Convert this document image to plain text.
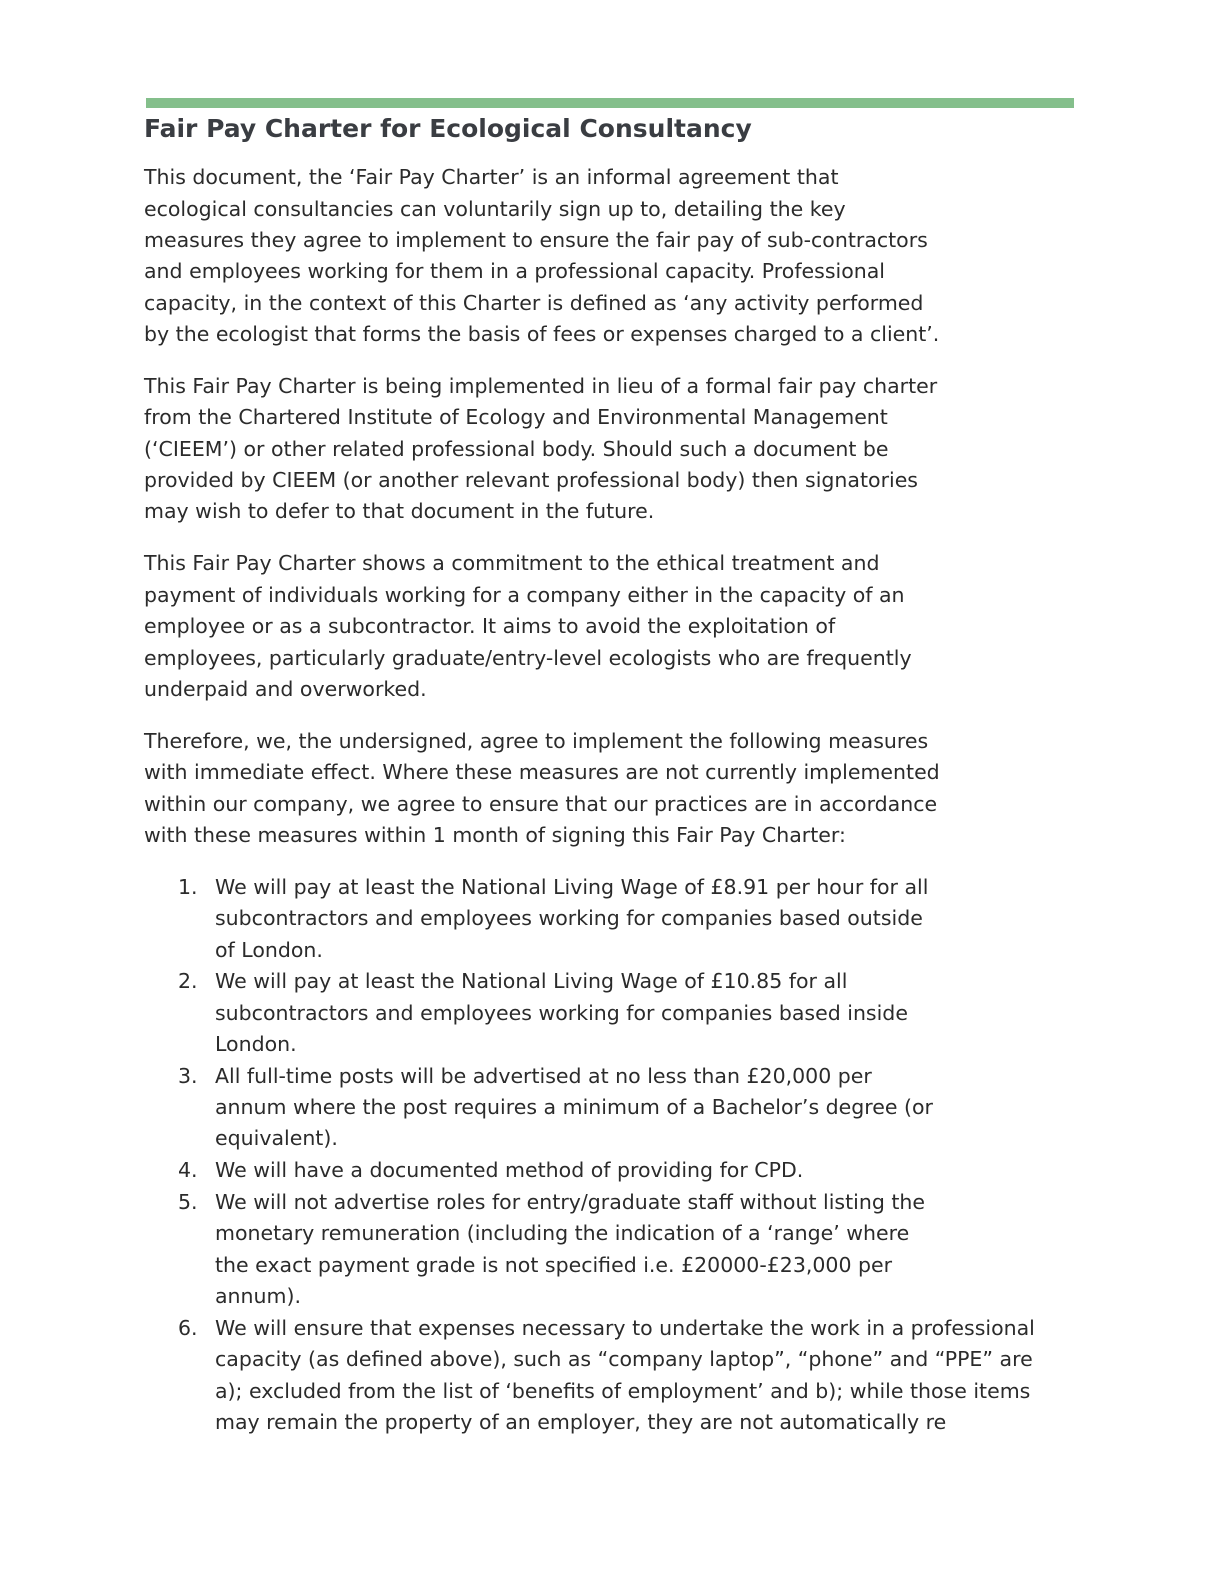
Fair Pay Charter for Ecological Consultancy
This document, the ‘Fair Pay Charter’ is an informal agreement that
ecological consultancies can voluntarily sign up to, detailing the key
measures they agree to implement to ensure the fair pay of sub-contractors
and employees working for them in a professional capacity. Professional
capacity, in the context of this Charter is defined as ‘any activity performed
by the ecologist that forms the basis of fees or expenses charged to a client’.
This Fair Pay Charter is being implemented in lieu of a formal fair pay charter
from the Chartered Institute of Ecology and Environmental Management
(‘CIEEM’) or other related professional body. Should such a document be
provided by CIEEM (or another relevant professional body) then signatories
may wish to defer to that document in the future.
This Fair Pay Charter shows a commitment to the ethical treatment and
payment of individuals working for a company either in the capacity of an
employee or as a subcontractor. It aims to avoid the exploitation of
employees, particularly graduate/entry-level ecologists who are frequently
underpaid and overworked.
Therefore, we, the undersigned, agree to implement the following measures
with immediate effect. Where these measures are not currently implemented
within our company, we agree to ensure that our practices are in accordance
with these measures within 1 month of signing this Fair Pay Charter:
1. We will pay at least the National Living Wage of £8.91 per hour for all
subcontractors and employees working for companies based outside
of London.
2. We will pay at least the National Living Wage of £10.85 for all
subcontractors and employees working for companies based inside
London.
3. All full-time posts will be advertised at no less than £20,000 per
annum where the post requires a minimum of a Bachelor’s degree (or
equivalent).
4. We will have a documented method of providing for CPD.
5. We will not advertise roles for entry/graduate staff without listing the
monetary remuneration (including the indication of a ‘range’ where
the exact payment grade is not specified i.e. £20000-£23,000 per
annum).
6. We will ensure that expenses necessary to undertake the work in a professional
capacity (as defined above), such as “company laptop”, “phone” and “PPE” are
a); excluded from the list of ‘benefits of employment’ and b); while those items
may remain the property of an employer, they are not automatically re
